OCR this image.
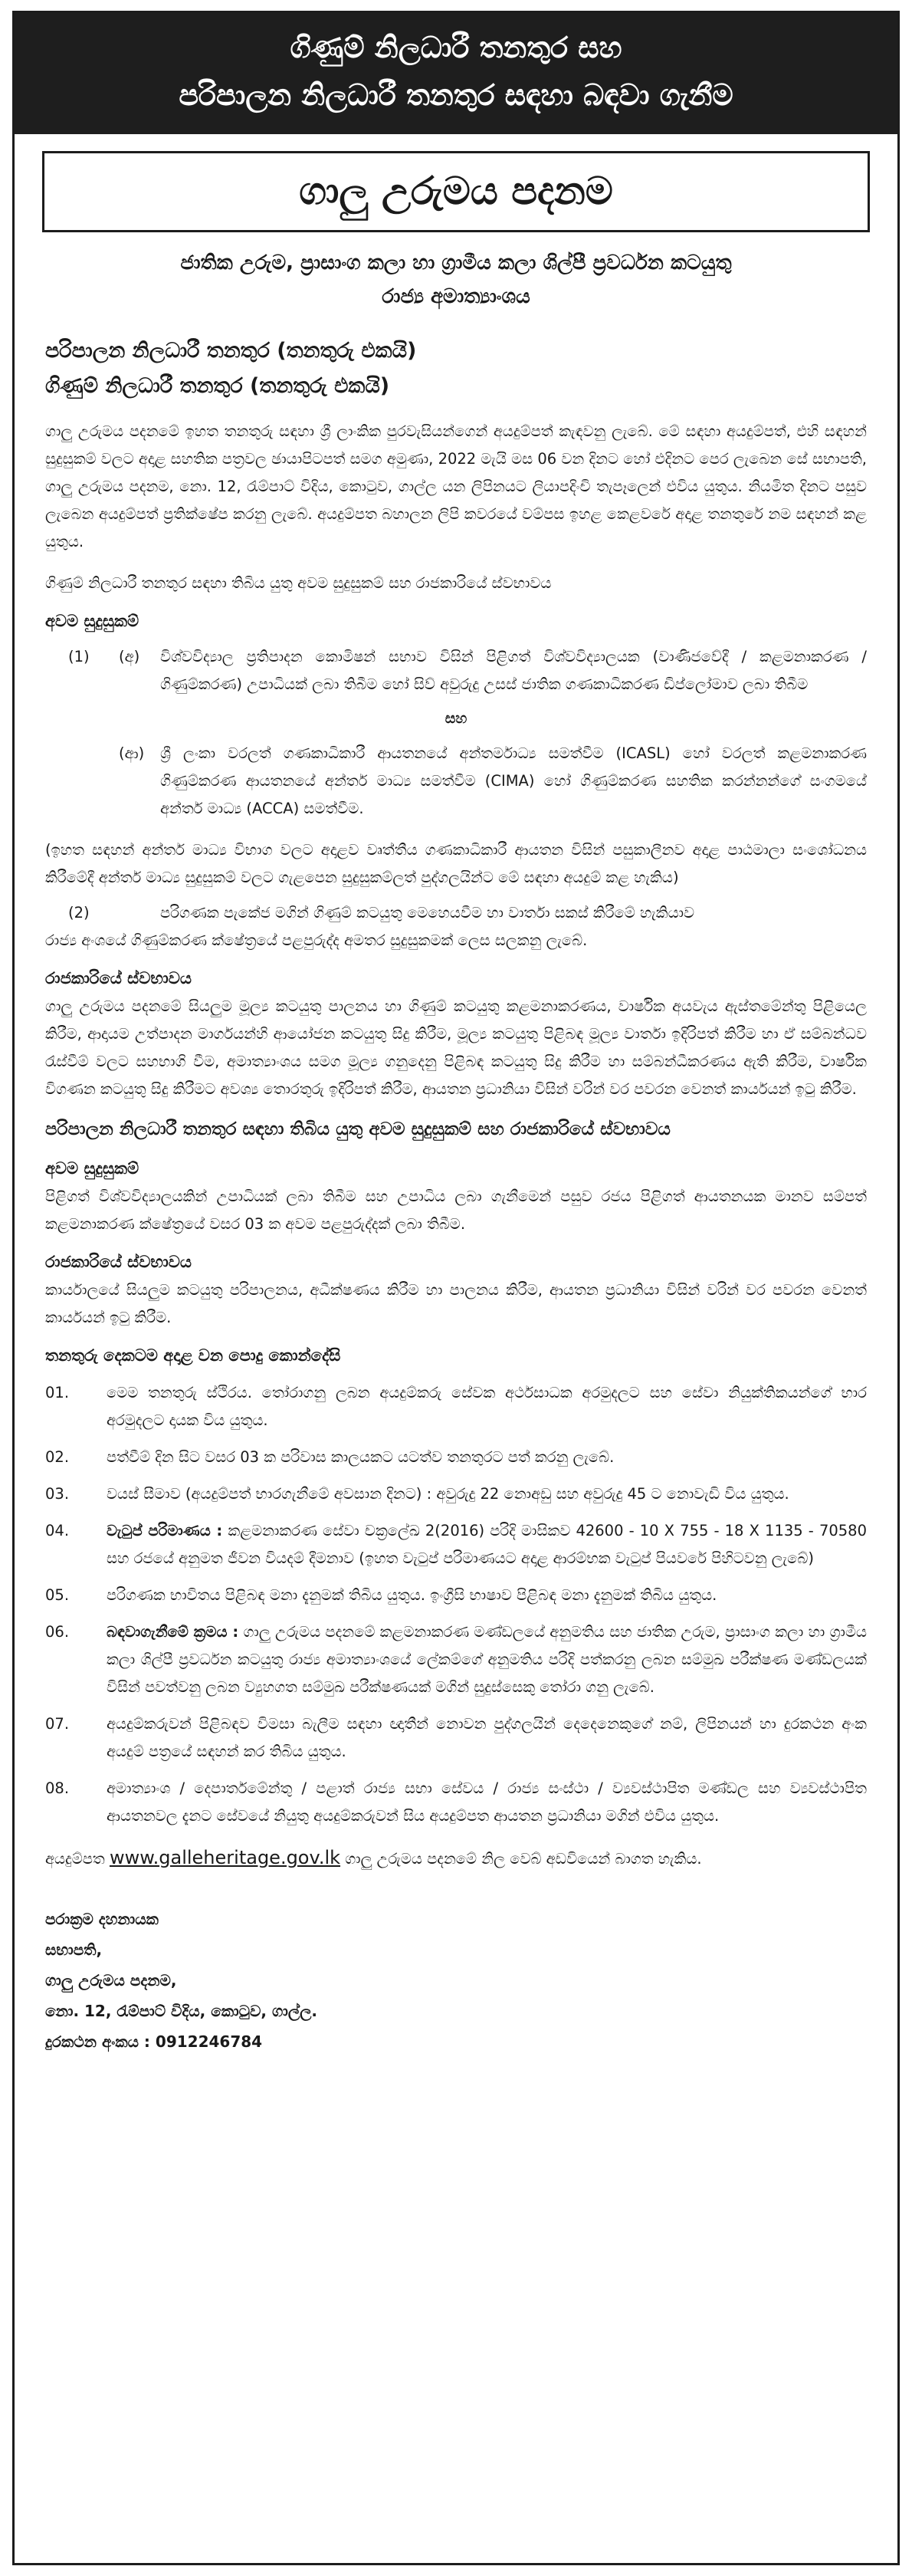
ගිණුම් නිලධාරී තනතුර සහ
පරිපාලන නිලධාරී තනතුර සඳහා බඳවා ගැනීම
ගාලු උරුමය පදනම
ජාතික උරුම, ප්‍රාසාංග කලා හා ග්‍රාමීය කලා ශිල්පී ප්‍රවර්ධන කටයුතු
රාජ්‍ය අමාත්‍යාංශය
පරිපාලන නිලධාරී තනතුර (තනතුරු එකයි)
ගිණුම් නිලධාරී තනතුර (තනතුරු එකයි)

ගාලු උරුමය පදනමේ ඉහත තනතුරු සඳහා ශ්‍රී ලාංකික පුරවැසියන්ගෙන් අයදුම්පත් කැඳවනු ලැබේ. මේ සඳහා අයදුම්පත්, එහි සඳහන් සුදුසුකම් වලට අදාළ සහතික පත්‍රවල ඡායාපිටපත් සමග අමුණා, 2022 මැයි මස 06 වන දිනට හෝ එදිනට පෙර ලැබෙන සේ සභාපති, ගාලු උරුමය පදනම, නො. 12, රැම්පාට් විදිය, කොටුව, ගාල්ල යන ලිපිනයට ලියාපදිංචි තැපෑලෙන් එවිය යුතුය. නියමිත දිනට පසුව ලැබෙන අයදුම්පත් ප්‍රතික්ෂේප කරනු ලැබේ. අයදුම්පත බහාලන ලිපි කවරයේ වම්පස ඉහළ කෙළවරේ අදාළ තනතුරේ නම සඳහන් කළ යුතුය.

ගිණුම් නිලධාරී තනතුර සඳහා තිබිය යුතු අවම සුදුසුකම් සහ රාජකාරියේ ස්වභාවය

අවම සුදුසුකම්
(1)	(අ)	විශ්වවිද්‍යාල ප්‍රතිපාදන කොමිෂන් සභාව විසින් පිළිගත් විශ්වවිද්‍යාලයක (වාණිජවේදී / කළමනාකරණ / ගිණුම්කරණ) උපාධියක් ලබා තිබීම හෝ සිව් අවුරුදු උසස් ජාතික ගණකාධිකරණ ඩිප්ලෝමාව ලබා තිබීම

සහ
(ආ)	ශ්‍රී ලංකා වරලත් ගණකාධිකාරී ආයතනයේ අන්තර්මාධ්‍ය සමත්වීම (ICASL) හෝ වරලත් කළමනාකරණ ගිණුම්කරණ ආයතනයේ අන්තර් මාධ්‍ය සමත්වීම (CIMA) හෝ ගිණුම්කරණ සහතික කරන්නන්ගේ සංගමයේ අන්තර් මාධ්‍ය (ACCA) සමත්වීම.

(ඉහත සඳහන් අන්තර් මාධ්‍ය විභාග වලට අදාළව වෘත්තීය ගණකාධිකාරී ආයතන විසින් පසුකාලීනව අදාළ පාඨමාලා සංශෝධනය කිරීමේදී අන්තර් මාධ්‍ය සුදුසුකම් වලට ගැළපෙන සුදුසුකම්ලත් පුද්ගලයින්ට මේ සඳහා අයදුම් කළ හැකිය)

(2)	පරිගණක පැකේජ මගින් ගිණුම් කටයුතු මෙහෙයවීම හා වාර්තා සකස් කිරීමේ හැකියාව

රාජ්‍ය අංශයේ ගිණුම්කරණ ක්ෂේත්‍රයේ පළපුරුද්ද අමතර සුදුසුකමක් ලෙස සලකනු ලැබේ.

රාජකාරියේ ස්වභාවය

ගාලු උරුමය පදනමේ සියලුම මූල්‍ය කටයුතු පාලනය හා ගිණුම් කටයුතු කළමනාකරණය, වාර්ෂික අයවැය ඇස්තමේන්තු පිළියෙල කිරීම, ආදායම උත්පාදන මාර්ගයන්හි ආයෝජන කටයුතු සිදු කිරීම, මූල්‍ය කටයුතු පිළිබඳ මූල්‍ය වාර්තා ඉදිරිපත් කිරීම හා ඒ සම්බන්ධව රැස්වීම් වලට සහභාගි වීම, අමාත්‍යාංශය සමග මූල්‍ය ගනුදෙනු පිළිබඳ කටයුතු සිදු කිරීම හා සම්බන්ධීකරණය ඇති කිරීම, වාර්ෂික විගණන කටයුතු සිදු කිරීමට අවශ්‍ය තොරතුරු ඉදිරිපත් කිරීම, ආයතන ප්‍රධානියා විසින් වරින් වර පවරන වෙනත් කාර්යයන් ඉටු කිරීම.

පරිපාලන නිලධාරී තනතුර සඳහා තිබිය යුතු අවම සුදුසුකම් සහ රාජකාරියේ ස්වභාවය
අවම සුදුසුකම්

පිළිගත් විශ්වවිද්‍යාලයකින් උපාධියක් ලබා තිබීම සහ උපාධිය ලබා ගැනීමෙන් පසුව රජය පිළිගත් ආයතනයක මානව සම්පත් කළමනාකරණ ක්ෂේත්‍රයේ වසර 03 ක අවම පළපුරුද්දක් ලබා තිබීම.

රාජකාරියේ ස්වභාවය

කාර්යාලයේ සියලුම කටයුතු පරිපාලනය, අධීක්ෂණය කිරීම හා පාලනය කිරීම, ආයතන ප්‍රධානියා විසින් වරින් වර පවරන වෙනත් කාර්යයන් ඉටු කිරීම.

තනතුරු දෙකටම අදාළ වන පොදු කොන්දේසි
01.	මෙම තනතුරු ස්ථිරය. තෝරාගනු ලබන අයදුම්කරු සේවක අර්ථසාධක අරමුදලට සහ සේවා නියුක්තිකයන්ගේ භාර අරමුදලට දායක විය යුතුය.

02.	පත්වීම් දින සිට වසර 03 ක පරිවාස කාලයකට යටත්ව තනතුරට පත් කරනු ලැබේ.

03.	වයස් සීමාව (අයදුම්පත් භාරගැනීමේ අවසාන දිනට) : අවුරුදු 22 නොඅඩු සහ අවුරුදු 45 ට නොවැඩි විය යුතුය.

04.	වැටුප් පරිමාණය : කළමනාකරණ සේවා චක්‍රලේඛ 2(2016) පරිදි මාසිකව 42600 - 10 X 755 - 18 X 1135 - 70580 සහ රජයේ අනුමත ජීවන වියදම් දීමනාව (ඉහත වැටුප් පරිමාණයට අදාළ ආරම්භක වැටුප් පියවරේ පිහිටවනු ලැබේ)

05.	පරිගණක භාවිතය පිළිබඳ මනා දැනුමක් තිබිය යුතුය. ඉංග්‍රීසි භාෂාව පිළිබඳ මනා දැනුමක් තිබිය යුතුය.

06.	බඳවාගැනීමේ ක්‍රමය : ගාලු උරුමය පදනමේ කළමනාකරණ මණ්ඩලයේ අනුමතිය සහ ජාතික උරුම, ප්‍රාසාංග කලා හා ග්‍රාමීය කලා ශිල්පී ප්‍රවර්ධන කටයුතු රාජ්‍ය අමාත්‍යාංශයේ ලේකම්ගේ අනුමතිය පරිදි පත්කරනු ලබන සම්මුඛ පරීක්ෂණ මණ්ඩලයක් විසින් පවත්වනු ලබන ව්‍යුහගත සම්මුඛ පරීක්ෂණයක් මගින් සුදුස්සෙකු තෝරා ගනු ලැබේ.

07.	අයදුම්කරුවන් පිළිබඳව විමසා බැලීම සඳහා ඥාතීන් නොවන පුද්ගලයින් දෙදෙනෙකුගේ නම්, ලිපිනයන් හා දුරකථන අංක අයදුම් පත්‍රයේ සඳහන් කර තිබිය යුතුය.

08.	අමාත්‍යාංශ / දෙපාර්තමේන්තු / පළාත් රාජ්‍ය සභා සේවය / රාජ්‍ය සංස්ථා / ව්‍යවස්ථාපිත මණ්ඩල සහ ව්‍යවස්ථාපිත ආයතනවල දැනට සේවයේ නියුතු අයදුම්කරුවන් සිය අයදුම්පත ආයතන ප්‍රධානියා මගින් එවිය යුතුය.

අයදුම්පත www.galleheritage.gov.lk ගාලු උරුමය පදනමේ නිල වෙබ් අඩවියෙන් බාගත හැකිය.

පරාක්‍රම දහනායක
සභාපති,
ගාලු උරුමය පදනම,
නො. 12, රැම්පාට් විදිය, කොටුව, ගාල්ල.
දුරකථන අංකය : 0912246784
